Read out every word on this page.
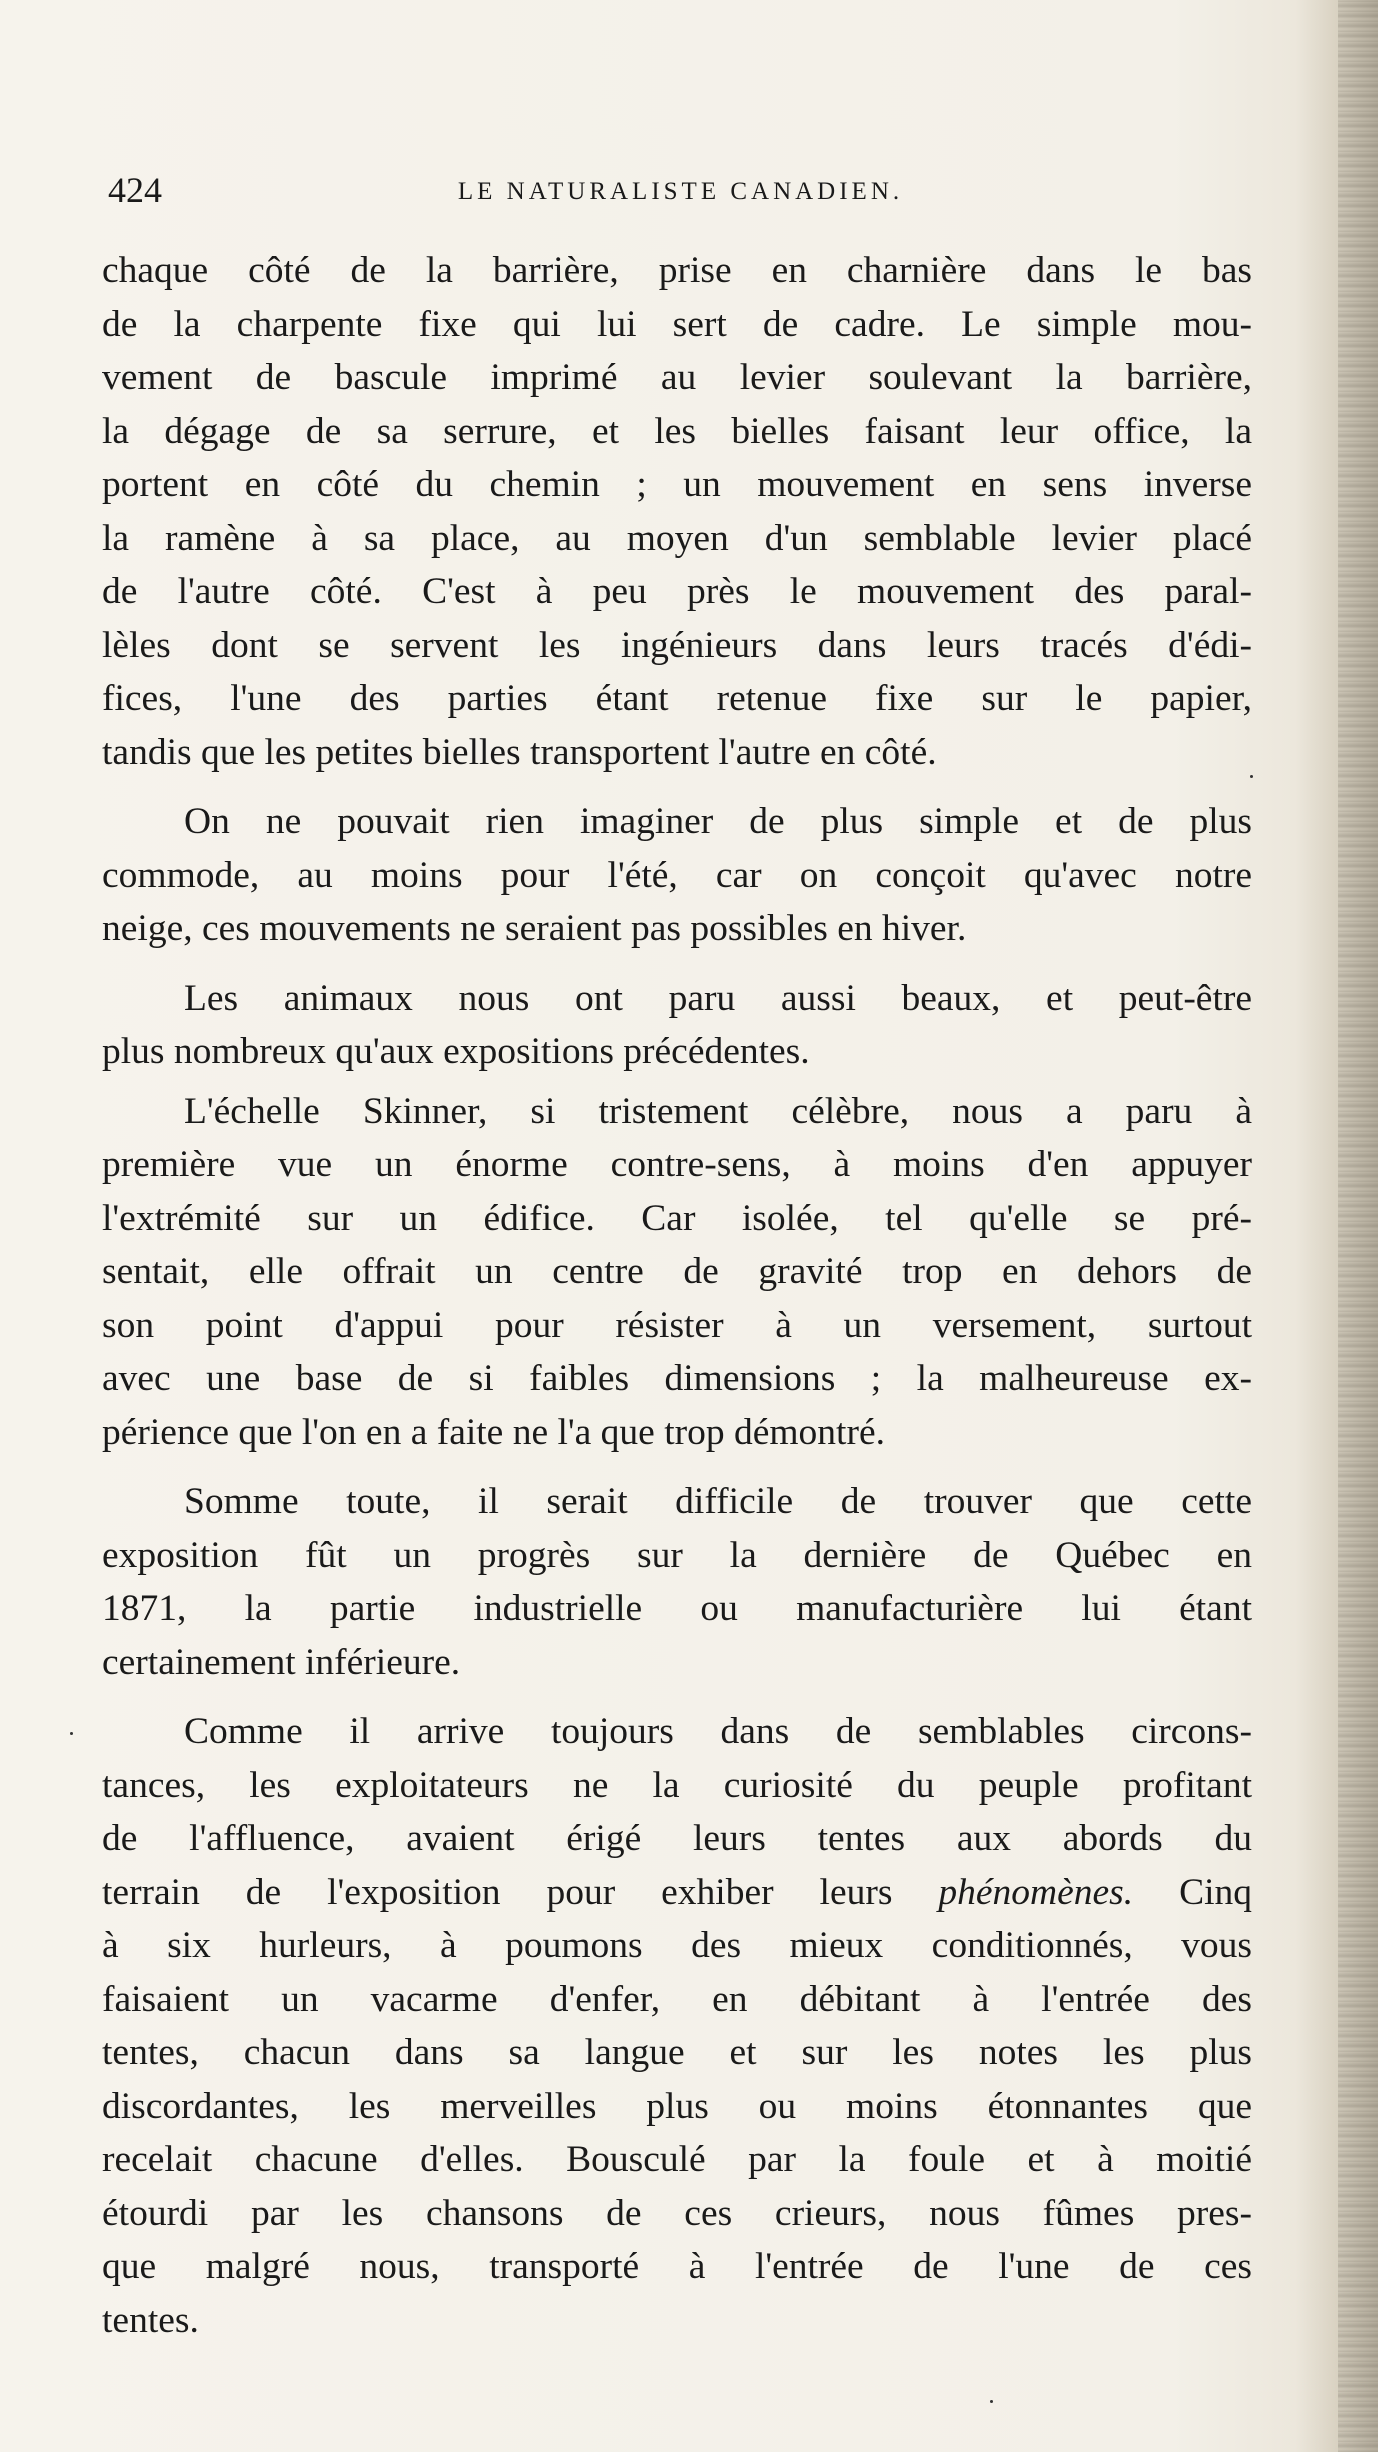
424	LE NATURALISTE CANADIEN.
chaque côté de la barrière, prise en charnière dans le bas
de la charpente fixe qui lui sert de cadre. Le simple mou-
vement de bascule imprimé au levier soulevant la barrière,
la dégage de sa serrure, et les bielles faisant leur office, la
portent en côté du chemin ; un mouvement en sens inverse
la ramène à sa place, au moyen d'un semblable levier placé
de l'autre côté. C'est à peu près le mouvement des paral-
lèles dont se servent les ingénieurs dans leurs tracés d'édi-
fices, l'une des parties étant retenue fixe sur le papier,
tandis que les petites bielles transportent l'autre en côté.
On ne pouvait rien imaginer de plus simple et de plus
commode, au moins pour l'été, car on conçoit qu'avec notre
neige, ces mouvements ne seraient pas possibles en hiver.
Les animaux nous ont paru aussi beaux, et peut-être
plus nombreux qu'aux expositions précédentes.
L'échelle Skinner, si tristement célèbre, nous a paru à
première vue un énorme contre-sens, à moins d'en appuyer
l'extrémité sur un édifice. Car isolée, tel qu'elle se pré-
sentait, elle offrait un centre de gravité trop en dehors de
son point d'appui pour résister à un versement, surtout
avec une base de si faibles dimensions ; la malheureuse ex-
périence que l'on en a faite ne l'a que trop démontré.
Somme toute, il serait difficile de trouver que cette
exposition fût un progrès sur la dernière de Québec en
1871, la partie industrielle ou manufacturière lui étant
certainement inférieure.
Comme il arrive toujours dans de semblables circons-
tances, les exploitateurs ne la curiosité du peuple profitant
de l'affluence, avaient érigé leurs tentes aux abords du
terrain de l'exposition pour exhiber leurs phénomènes. Cinq
à six hurleurs, à poumons des mieux conditionnés, vous
faisaient un vacarme d'enfer, en débitant à l'entrée des
tentes, chacun dans sa langue et sur les notes les plus
discordantes, les merveilles plus ou moins étonnantes que
recelait chacune d'elles. Bousculé par la foule et à moitié
étourdi par les chansons de ces crieurs, nous fûmes pres-
que malgré nous, transporté à l'entrée de l'une de ces
tentes.
